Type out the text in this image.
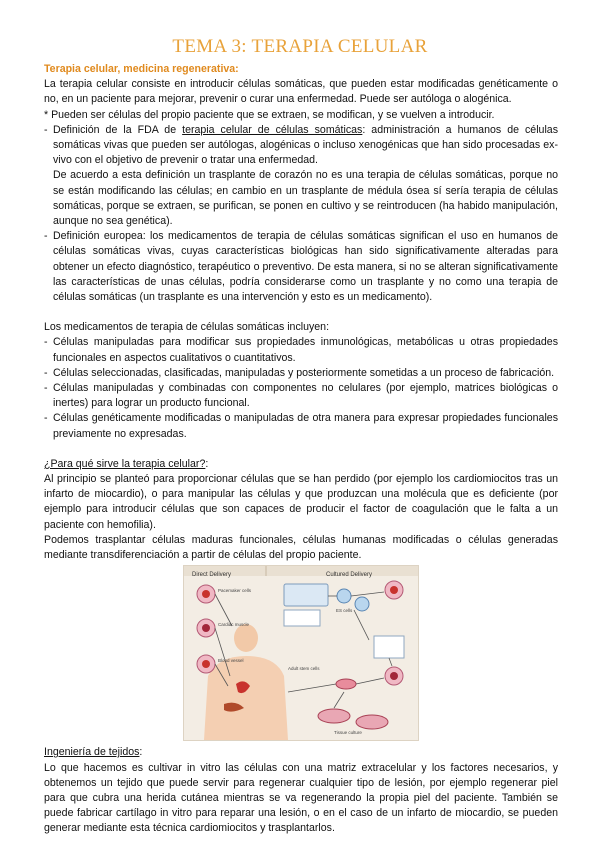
TEMA 3: TERAPIA CELULAR

Terapia celular, medicina regenerativa:

La terapia celular consiste en introducir células somáticas, que pueden estar modificadas genéticamente o no, en un paciente para mejorar, prevenir o curar una enfermedad. Puede ser autóloga o alogénica.

* Pueden ser células del propio paciente que se extraen, se modifican, y se vuelven a introducir.

- Definición de la FDA de terapia celular de células somáticas: administración a humanos de células somáticas vivas que pueden ser autólogas, alogénicas o incluso xenogénicas que han sido procesadas ex-vivo con el objetivo de prevenir o tratar una enfermedad.
De acuerdo a esta definición un trasplante de corazón no es una terapia de células somáticas, porque no se están modificando las células; en cambio en un trasplante de médula ósea sí sería terapia de células somáticas, porque se extraen, se purifican, se ponen en cultivo y se reintroducen (ha habido manipulación, aunque no sea genética).
- Definición europea: los medicamentos de terapia de células somáticas significan el uso en humanos de células somáticas vivas, cuyas características biológicas han sido significativamente alteradas para obtener un efecto diagnóstico, terapéutico o preventivo. De esta manera, si no se alteran significativamente las características de unas células, podría considerarse como un trasplante y no como una terapia de células somáticas (un trasplante es una intervención y esto es un medicamento).

Los medicamentos de terapia de células somáticas incluyen:

- Células manipuladas para modificar sus propiedades inmunológicas, metabólicas u otras propiedades funcionales en aspectos cualitativos o cuantitativos.
- Células seleccionadas, clasificadas, manipuladas y posteriormente sometidas a un proceso de fabricación.
- Células manipuladas y combinadas con componentes no celulares (por ejemplo, matrices biológicas o inertes) para lograr un producto funcional.
- Células genéticamente modificadas o manipuladas de otra manera para expresar propiedades funcionales previamente no expresadas.

¿Para qué sirve la terapia celular?:

Al principio se planteó para proporcionar células que se han perdido (por ejemplo los cardiomiocitos tras un infarto de miocardio), o para manipular las células y que produzcan una molécula que es deficiente (por ejemplo para introducir células que son capaces de producir el factor de coagulación que le falta a un paciente con hemofilia).

Podemos trasplantar células maduras funcionales, células humanas modificadas o células generadas mediante transdiferenciación a partir de células del propio paciente.

Direct Delivery	Cultured Delivery
Pacemaker cells
Cardiac muscle
Adult stem cells
ES cells
Blood vessel
Tissue culture

Ingeniería de tejidos:

Lo que hacemos es cultivar in vitro las células con una matriz extracelular y los factores necesarios, y obtenemos un tejido que puede servir para regenerar cualquier tipo de lesión, por ejemplo regenerar piel para que cubra una herida cutánea mientras se va regenerando la propia piel del paciente. También se puede fabricar cartílago in vitro para reparar una lesión, o en el caso de un infarto de miocardio, se pueden generar mediante esta técnica cardiomiocitos y trasplantarlos.
